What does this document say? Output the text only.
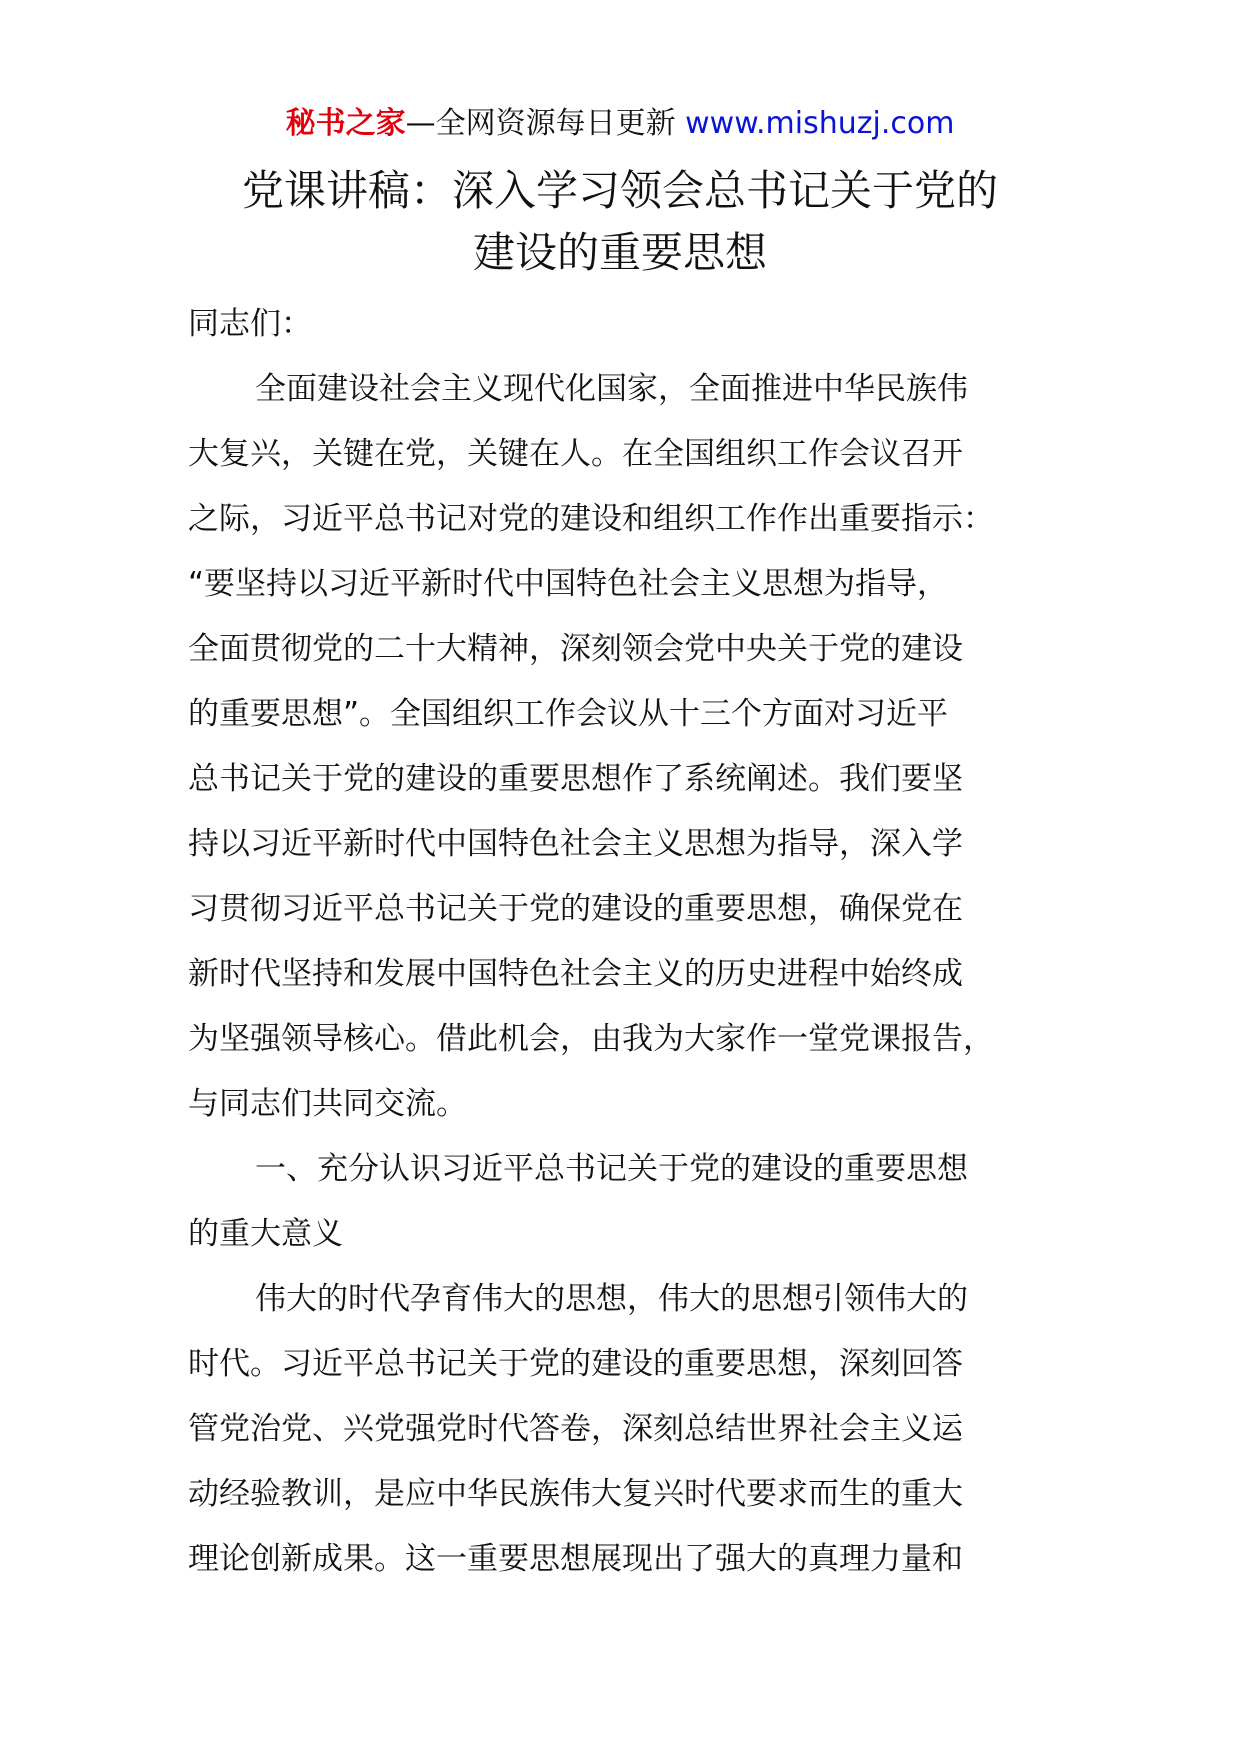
秘书之家—全网资源每日更新 www.mishuzj.com
党课讲稿：深入学习领会总书记关于党的
建设的重要思想
同志们：
全面建设社会主义现代化国家，全面推进中华民族伟
大复兴，关键在党，关键在人。在全国组织工作会议召开
之际，习近平总书记对党的建设和组织工作作出重要指示：
“要坚持以习近平新时代中国特色社会主义思想为指导，
全面贯彻党的二十大精神，深刻领会党中央关于党的建设
的重要思想”。全国组织工作会议从十三个方面对习近平
总书记关于党的建设的重要思想作了系统阐述。我们要坚
持以习近平新时代中国特色社会主义思想为指导，深入学
习贯彻习近平总书记关于党的建设的重要思想，确保党在
新时代坚持和发展中国特色社会主义的历史进程中始终成
为坚强领导核心。借此机会，由我为大家作一堂党课报告，
与同志们共同交流。
一、充分认识习近平总书记关于党的建设的重要思想
的重大意义
伟大的时代孕育伟大的思想，伟大的思想引领伟大的
时代。习近平总书记关于党的建设的重要思想，深刻回答
管党治党、兴党强党时代答卷，深刻总结世界社会主义运
动经验教训，是应中华民族伟大复兴时代要求而生的重大
理论创新成果。这一重要思想展现出了强大的真理力量和
